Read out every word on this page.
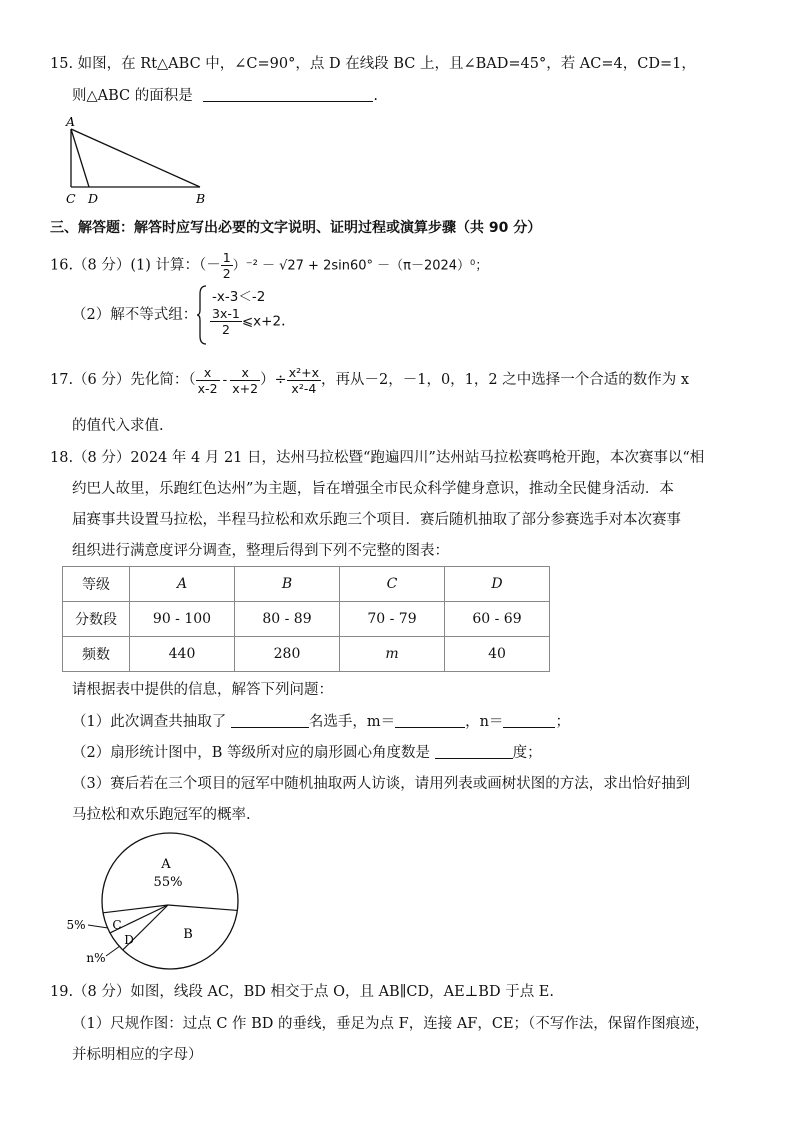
15. 如图，在 Rt△ABC 中，∠C=90°，点 D 在线段 BC 上，且∠BAD=45°，若 AC=4，CD=1，
则△ABC 的面积是	.
A
C D	B
三、解答题：解答时应写出必要的文字说明、证明过程或演算步骤（共 90 分）
16.（8 分）(1) 计算：（－ $\frac{1}{2} )^{-2} - √27 + 2\sin 60^\circ -(\pi-2024)^0$；
（2）解不等式组：
-x-3＜-2
$\frac{3x-1}{2}$ ⩽x+2.
17.（6 分）先化简：（ $\frac{x}{x-2} - \frac{x}{x+2}$ ）÷ $\frac{\text{x²+x}}{\text{x²-4}}$ ，再从－2，－1，0，1，2 之中选择一个合适的数作为 x
的值代入求值.
18.（8 分）2024 年 4 月 21 日，达州马拉松暨“跑遍四川”达州站马拉松赛鸣枪开跑，本次赛事以“相
约巴人故里，乐跑红色达州”为主题，旨在增强全市民众科学健身意识，推动全民健身活动．本
届赛事共设置马拉松，半程马拉松和欢乐跑三个项目．赛后随机抽取了部分参赛选手对本次赛事
组织进行满意度评分调查，整理后得到下列不完整的图表：
等级	A	B	C	D
分数段	90 - 100	80 - 89	70 - 79	60 - 69
频数	440	280	m	40
请根据表中提供的信息，解答下列问题：
（1）此次调查共抽取了	名选手，m＝	，n＝	；
（2）扇形统计图中，B 等级所对应的扇形圆心角度数是	度；
（3）赛后若在三个项目的冠军中随机抽取两人访谈，请用列表或画树状图的方法，求出恰好抽到
马拉松和欢乐跑冠军的概率.
A
55%
B
C
D
5%
n%
19.（8 分）如图，线段 AC，BD 相交于点 O，且 AB∥CD，AE⊥BD 于点 E.
（1）尺规作图：过点 C 作 BD 的垂线，垂足为点 F，连接 AF，CE；（不写作法，保留作图痕迹，
并标明相应的字母）
